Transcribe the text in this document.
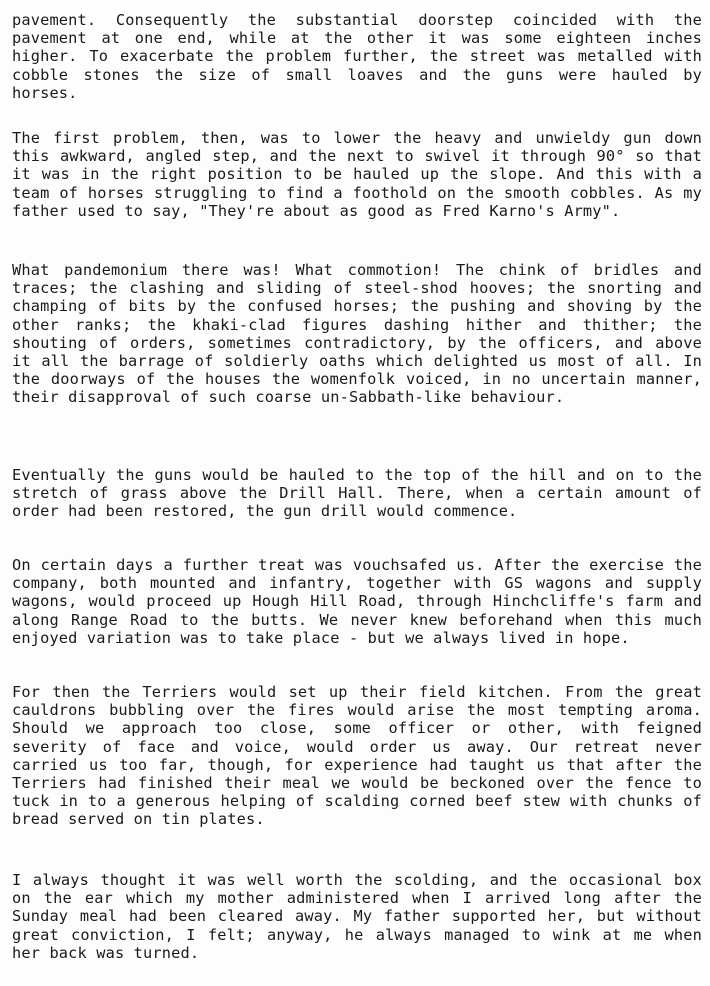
pavement. Consequently the substantial doorstep coincided with the pavement at one end, while at the other it was some eighteen inches higher. To exacerbate the problem further, the street was metalled with cobble stones the size of small loaves and the guns were hauled by horses.

The first problem, then, was to lower the heavy and unwieldy gun down this awkward, angled step, and the next to swivel it through 90° so that it was in the right position to be hauled up the slope. And this with a team of horses struggling to find a foothold on the smooth cobbles. As my father used to say, "They're about as good as Fred Karno's Army".

What pandemonium there was! What commotion! The chink of bridles and traces; the clashing and sliding of steel-shod hooves; the snorting and champing of bits by the confused horses; the pushing and shoving by the other ranks; the khaki-clad figures dashing hither and thither; the shouting of orders, sometimes contradictory, by the officers, and above it all the barrage of soldierly oaths which delighted us most of all. In the doorways of the houses the womenfolk voiced, in no uncertain manner, their disapproval of such coarse un-Sabbath-like behaviour.

Eventually the guns would be hauled to the top of the hill and on to the stretch of grass above the Drill Hall. There, when a certain amount of order had been restored, the gun drill would commence.

On certain days a further treat was vouchsafed us. After the exercise the company, both mounted and infantry, together with GS wagons and supply wagons, would proceed up Hough Hill Road, through Hinchcliffe's farm and along Range Road to the butts. We never knew beforehand when this much enjoyed variation was to take place - but we always lived in hope.

For then the Terriers would set up their field kitchen. From the great cauldrons bubbling over the fires would arise the most tempting aroma. Should we approach too close, some officer or other, with feigned severity of face and voice, would order us away. Our retreat never carried us too far, though, for experience had taught us that after the Terriers had finished their meal we would be beckoned over the fence to tuck in to a generous helping of scalding corned beef stew with chunks of bread served on tin plates.

I always thought it was well worth the scolding, and the occasional box on the ear which my mother administered when I arrived long after the Sunday meal had been cleared away. My father supported her, but without great conviction, I felt; anyway, he always managed to wink at me when her back was turned.
